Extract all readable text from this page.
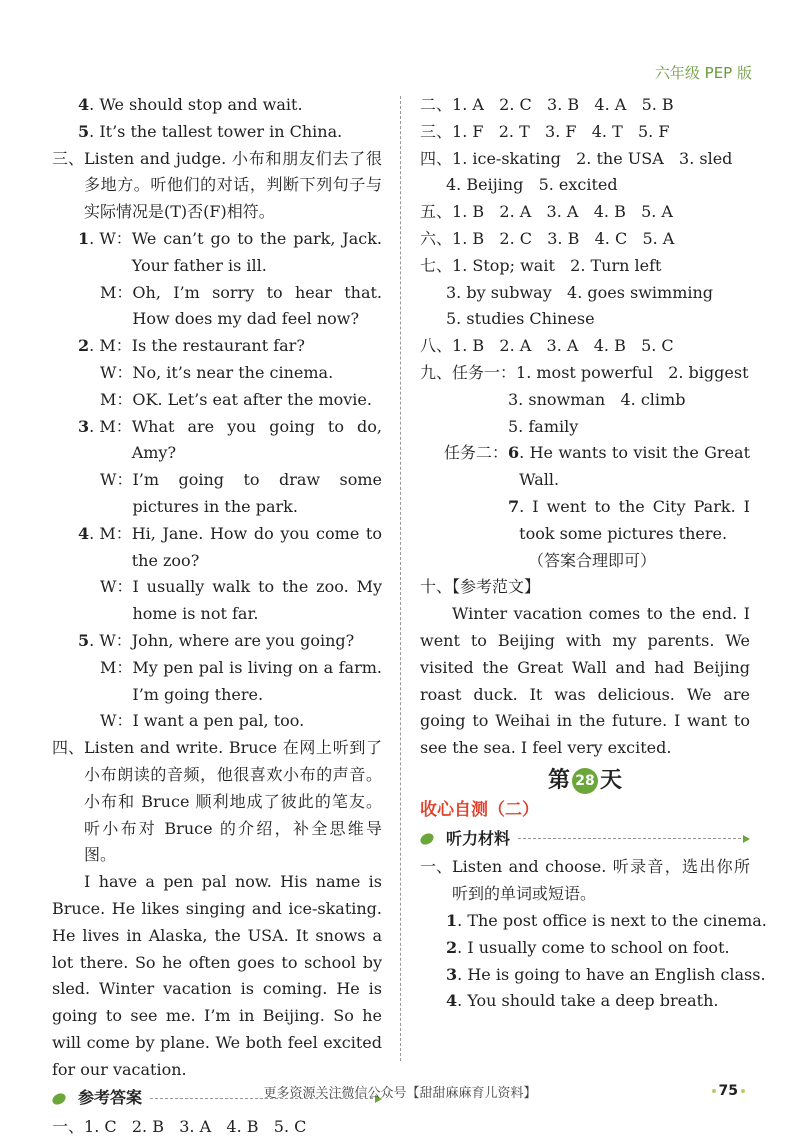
六年级 PEP 版
4. We should stop and wait.
5. It’s the tallest tower in China.
三、 Listen and judge. 小布和朋友们去了很多地方。听他们的对话，判断下列句子与实际情况是(T)否(F)相符。
1. W： We can’t go to the park, Jack. Your father is ill.
M： Oh, I’m sorry to hear that. How does my dad feel now?
2. M： Is the restaurant far?
W： No, it’s near the cinema.
M： OK. Let’s eat after the movie.
3. M： What are you going to do, Amy?
W： I’m going to draw some pictures in the park.
4. M： Hi, Jane. How do you come to the zoo?
W： I usually walk to the zoo. My home is not far.
5. W： John, where are you going?
M： My pen pal is living on a farm. I’m going there.
W： I want a pen pal, too.
四、 Listen and write. Bruce 在网上听到了小布朗读的音频，他很喜欢小布的声音。小布和 Bruce 顺利地成了彼此的笔友。听小布对 Bruce 的介绍，补全思维导图。
I have a pen pal now. His name is Bruce. He likes singing and ice-skating. He lives in Alaska, the USA. It snows a lot there. So he often goes to school by sled. Winter vacation is coming. He is going to see me. I’m in Beijing. So he will come by plane. We both feel excited for our vacation.
参考答案
一、1. C   2. B   3. A   4. B   5. C
二、1. A   2. C   3. B   4. A   5. B
三、1. F   2. T   3. F   4. T   5. F
四、1. ice-skating   2. the USA   3. sled
4. Beijing   5. excited
五、1. B   2. A   3. A   4. B   5. A
六、1. B   2. C   3. B   4. C   5. A
七、1. Stop; wait   2. Turn left
3. by subway   4. goes swimming
5. studies Chinese
八、1. B   2. A   3. A   4. B   5. C
九、任务一：1. most powerful   2. biggest
3. snowman   4. climb
5. family
任务二：6 . He wants to visit the Great Wall.
7 . I went to the City Park. I took some pictures there.
（答案合理即可）
十、【参考范文】
Winter vacation comes to the end. I went to Beijing with my parents. We visited the Great Wall and had Beijing roast duck. It was delicious. We are going to Weihai in the future. I want to see the sea. I feel very excited.
第 28 天
收心自测（二）
听力材料
一、 Listen and choose. 听录音，选出你所听到的单词或短语。
1. The post office is next to the cinema.
2. I usually come to school on foot.
3. He is going to have an English class.
4. You should take a deep breath.
更多资源关注微信公众号【甜甜麻麻育儿资料】	75
